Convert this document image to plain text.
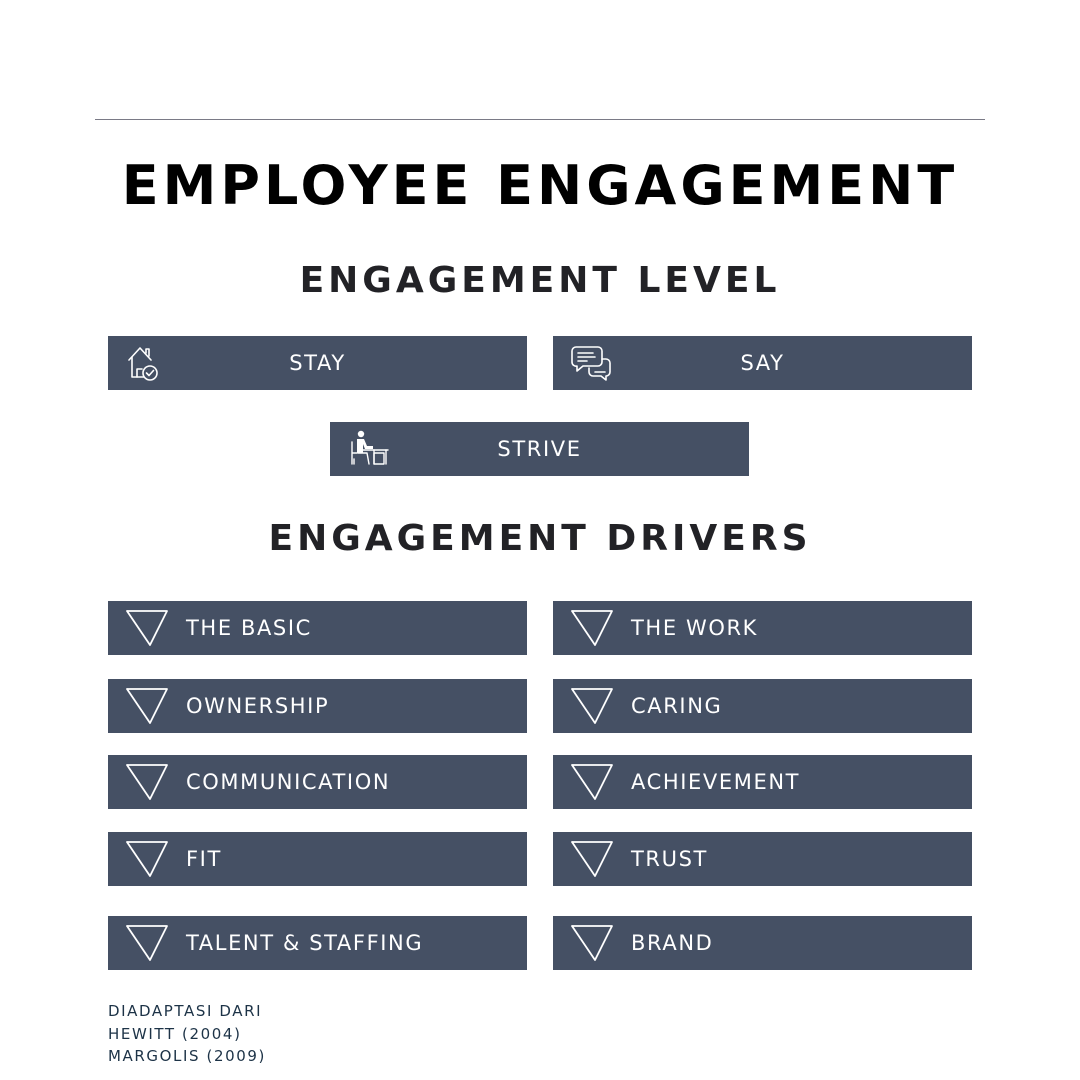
EMPLOYEE ENGAGEMENT
ENGAGEMENT LEVEL
STAY	SAY
STRIVE
ENGAGEMENT DRIVERS
THE BASIC	THE WORK
OWNERSHIP	CARING
COMMUNICATION	ACHIEVEMENT
FIT	TRUST
TALENT & STAFFING	BRAND
DIADAPTASI DARI
HEWITT (2004)
MARGOLIS (2009)
